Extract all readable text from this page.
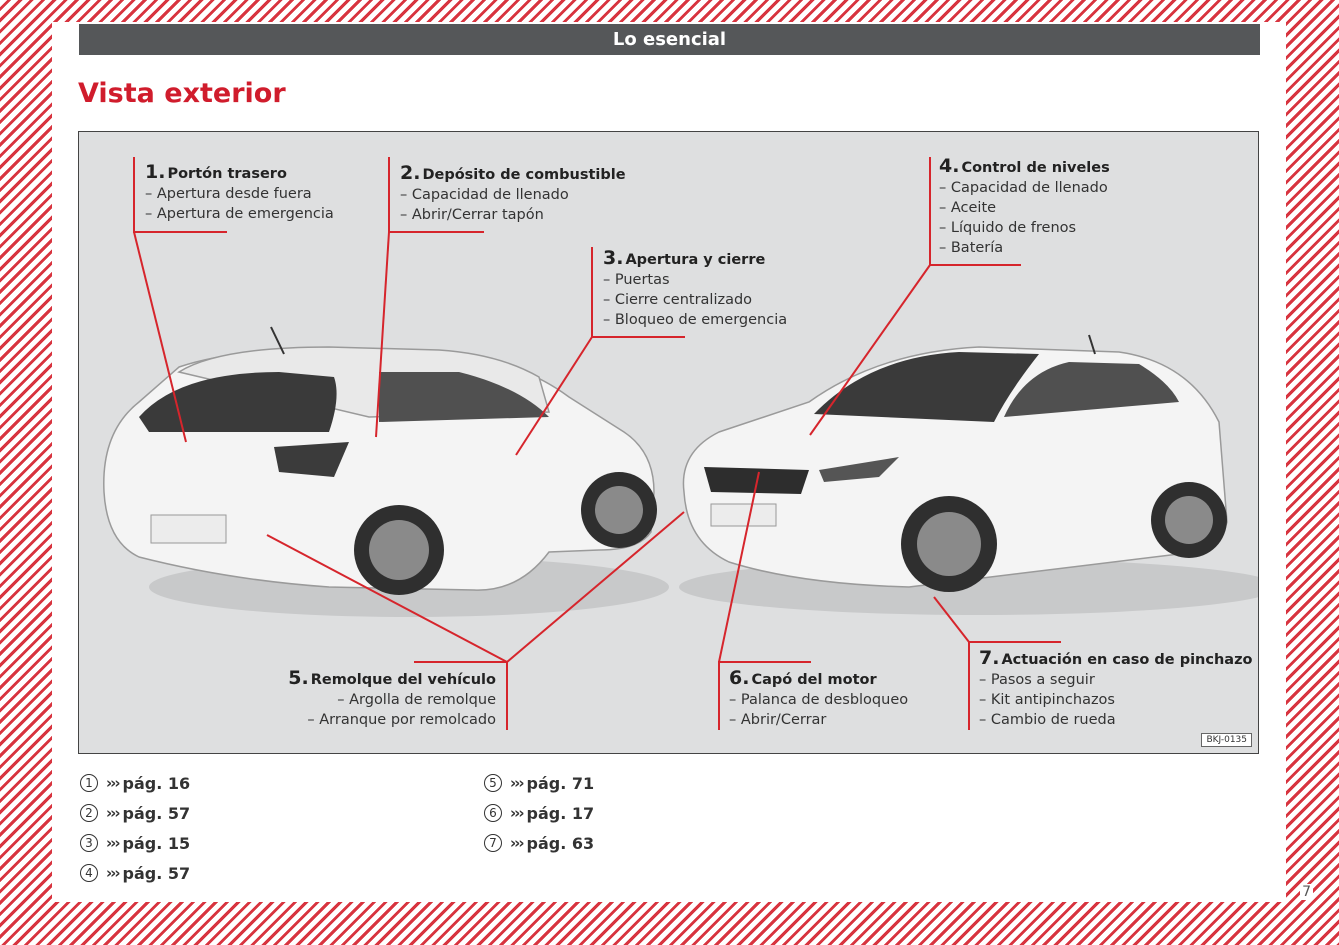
Lo esencial
Vista exterior
1. Portón trasero
– Apertura desde fuera
– Apertura de emergencia
2. Depósito de combustible
– Capacidad de llenado
– Abrir/Cerrar tapón
3. Apertura y cierre
– Puertas
– Cierre centralizado
– Bloqueo de emergencia
4. Control de niveles
– Capacidad de llenado
– Aceite
– Líquido de frenos
– Batería
5. Remolque del vehículo
– Argolla de remolque
– Arranque por remolcado
6. Capó del motor
– Palanca de desbloqueo
– Abrir/Cerrar
7. Actuación en caso de pinchazo
– Pasos a seguir
– Kit antipinchazos
– Cambio de rueda
BKJ-0135
1 ››› pág. 16
2 ››› pág. 57
3 ››› pág. 15
4 ››› pág. 57
5 ››› pág. 71
6 ››› pág. 17
7 ››› pág. 63
7
